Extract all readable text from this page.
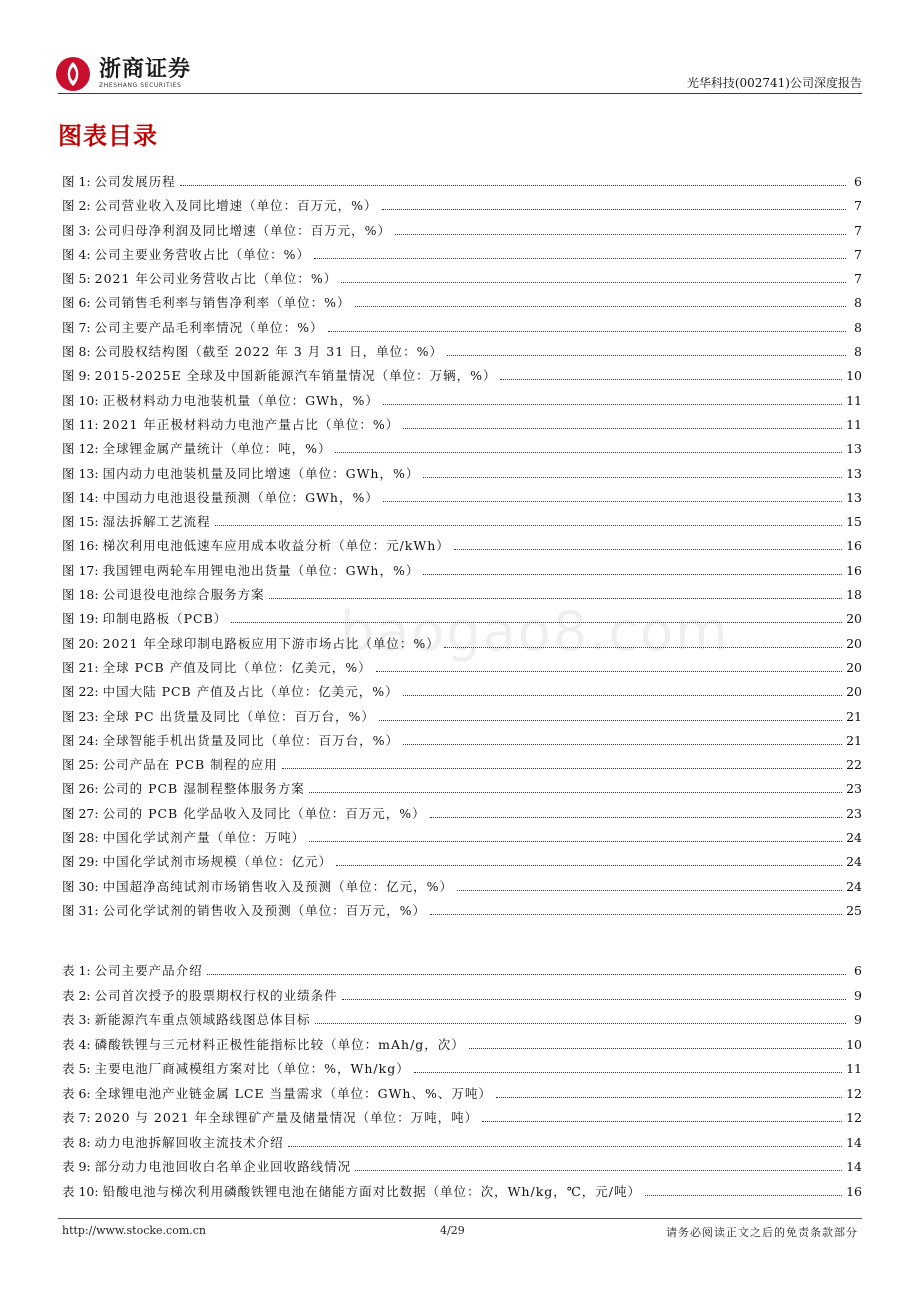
浙商证券
ZHESHANG SECURITIES	光华科技(002741)公司深度报告
图表目录
baogao8.com
图 1: 公司发展历程	6
图 2: 公司营业收入及同比增速（单位：百万元，%）	7
图 3: 公司归母净利润及同比增速（单位：百万元，%）	7
图 4: 公司主要业务营收占比（单位：%）	7
图 5: 2021 年公司业务营收占比（单位：%）	7
图 6: 公司销售毛利率与销售净利率（单位：%）	8
图 7: 公司主要产品毛利率情况（单位：%）	8
图 8: 公司股权结构图（截至 2022 年 3 月 31 日，单位：%）	8
图 9: 2015-2025E 全球及中国新能源汽车销量情况（单位：万辆，%）	10
图 10: 正极材料动力电池装机量（单位：GWh，%）	11
图 11: 2021 年正极材料动力电池产量占比（单位：%）	11
图 12: 全球锂金属产量统计（单位：吨，%）	13
图 13: 国内动力电池装机量及同比增速（单位：GWh，%）	13
图 14: 中国动力电池退役量预测（单位：GWh，%）	13
图 15: 湿法拆解工艺流程	15
图 16: 梯次利用电池低速车应用成本收益分析（单位：元/kWh）	16
图 17: 我国锂电两轮车用锂电池出货量（单位：GWh，%）	16
图 18: 公司退役电池综合服务方案	18
图 19: 印制电路板（PCB）	20
图 20: 2021 年全球印制电路板应用下游市场占比（单位：%）	20
图 21: 全球 PCB 产值及同比（单位：亿美元，%）	20
图 22: 中国大陆 PCB 产值及占比（单位：亿美元，%）	20
图 23: 全球 PC 出货量及同比（单位：百万台，%）	21
图 24: 全球智能手机出货量及同比（单位：百万台，%）	21
图 25: 公司产品在 PCB 制程的应用	22
图 26: 公司的 PCB 湿制程整体服务方案	23
图 27: 公司的 PCB 化学品收入及同比（单位：百万元，%）	23
图 28: 中国化学试剂产量（单位：万吨）	24
图 29: 中国化学试剂市场规模（单位：亿元）	24
图 30: 中国超净高纯试剂市场销售收入及预测（单位：亿元，%）	24
图 31: 公司化学试剂的销售收入及预测（单位：百万元，%）	25
表 1: 公司主要产品介绍	6
表 2: 公司首次授予的股票期权行权的业绩条件	9
表 3: 新能源汽车重点领域路线图总体目标	9
表 4: 磷酸铁锂与三元材料正极性能指标比较（单位：mAh/g，次）	10
表 5: 主要电池厂商减模组方案对比（单位：%，Wh/kg）	11
表 6: 全球锂电池产业链金属 LCE 当量需求（单位：GWh、%、万吨）	12
表 7: 2020 与 2021 年全球锂矿产量及储量情况（单位：万吨，吨）	12
表 8: 动力电池拆解回收主流技术介绍	14
表 9: 部分动力电池回收白名单企业回收路线情况	14
表 10: 铅酸电池与梯次利用磷酸铁锂电池在储能方面对比数据（单位：次，Wh/kg，℃，元/吨）	16
http://www.stocke.com.cn	4/29	请务必阅读正文之后的免责条款部分
